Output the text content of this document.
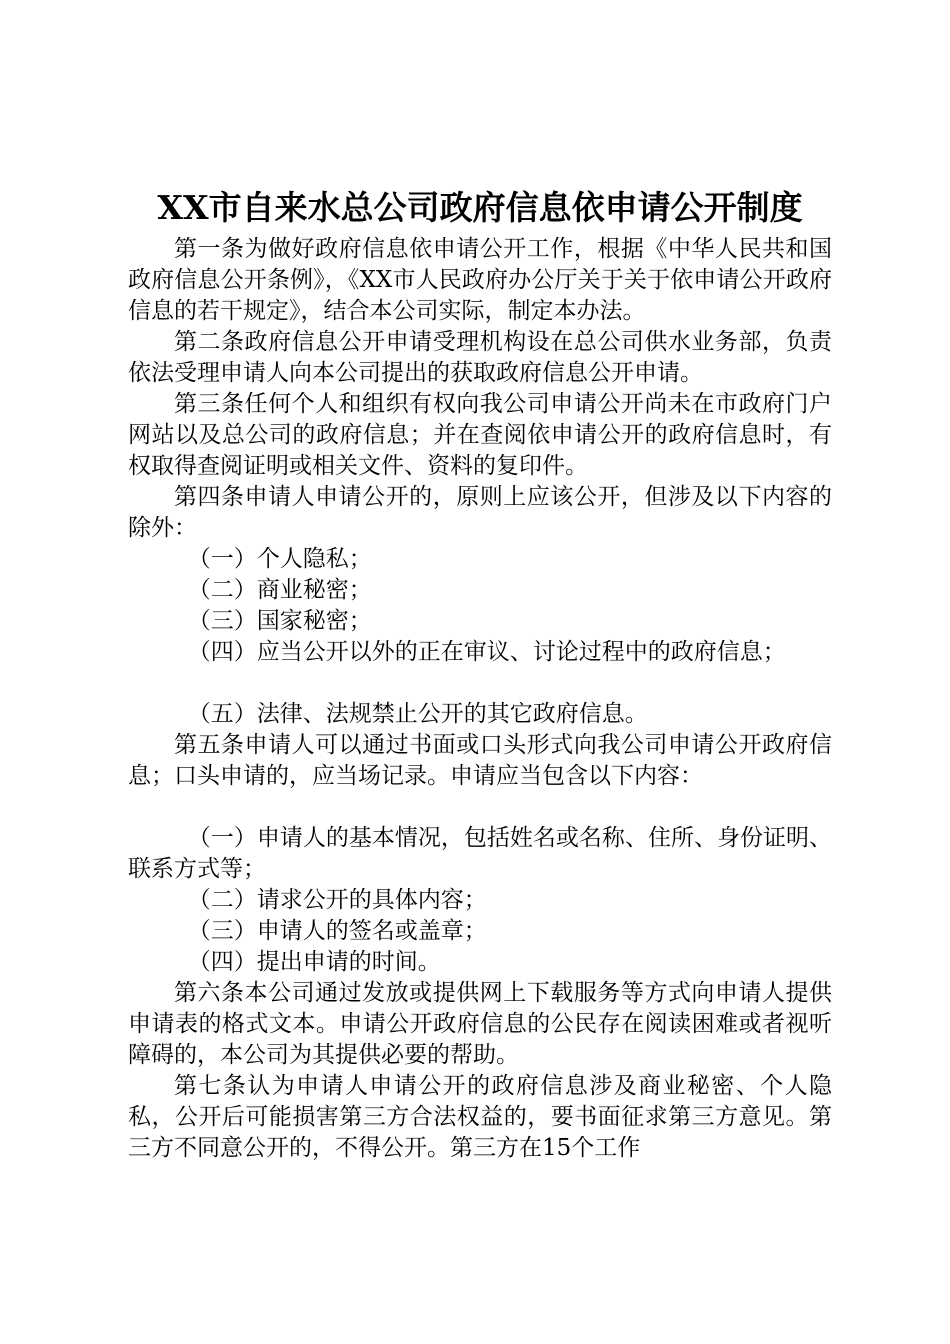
XX市自来水总公司政府信息依申请公开制度

第一条为做好政府信息依申请公开工作，根据《中华人民共和国政府信息公开条例》，《XX市人民政府办公厅关于关于依申请公开政府信息的若干规定》，结合本公司实际，制定本办法。

第二条政府信息公开申请受理机构设在总公司供水业务部，负责依法受理申请人向本公司提出的获取政府信息公开申请。

第三条任何个人和组织有权向我公司申请公开尚未在市政府门户网站以及总公司的政府信息；并在查阅依申请公开的政府信息时，有权取得查阅证明或相关文件、资料的复印件。

第四条申请人申请公开的，原则上应该公开，但涉及以下内容的除外：

（一）个人隐私；

（二）商业秘密；

（三）国家秘密；

（四）应当公开以外的正在审议、讨论过程中的政府信息；

（五）法律、法规禁止公开的其它政府信息。

第五条申请人可以通过书面或口头形式向我公司申请公开政府信息；口头申请的，应当场记录。申请应当包含以下内容：

（一）申请人的基本情况，包括姓名或名称、住所、身份证明、联系方式等；

（二）请求公开的具体内容；

（三）申请人的签名或盖章；

（四）提出申请的时间。

第六条本公司通过发放或提供网上下载服务等方式向申请人提供申请表的格式文本。申请公开政府信息的公民存在阅读困难或者视听障碍的，本公司为其提供必要的帮助。

第七条认为申请人申请公开的政府信息涉及商业秘密、个人隐私，公开后可能损害第三方合法权益的，要书面征求第三方意见。第三方不同意公开的，不得公开。第三方在15个工作
